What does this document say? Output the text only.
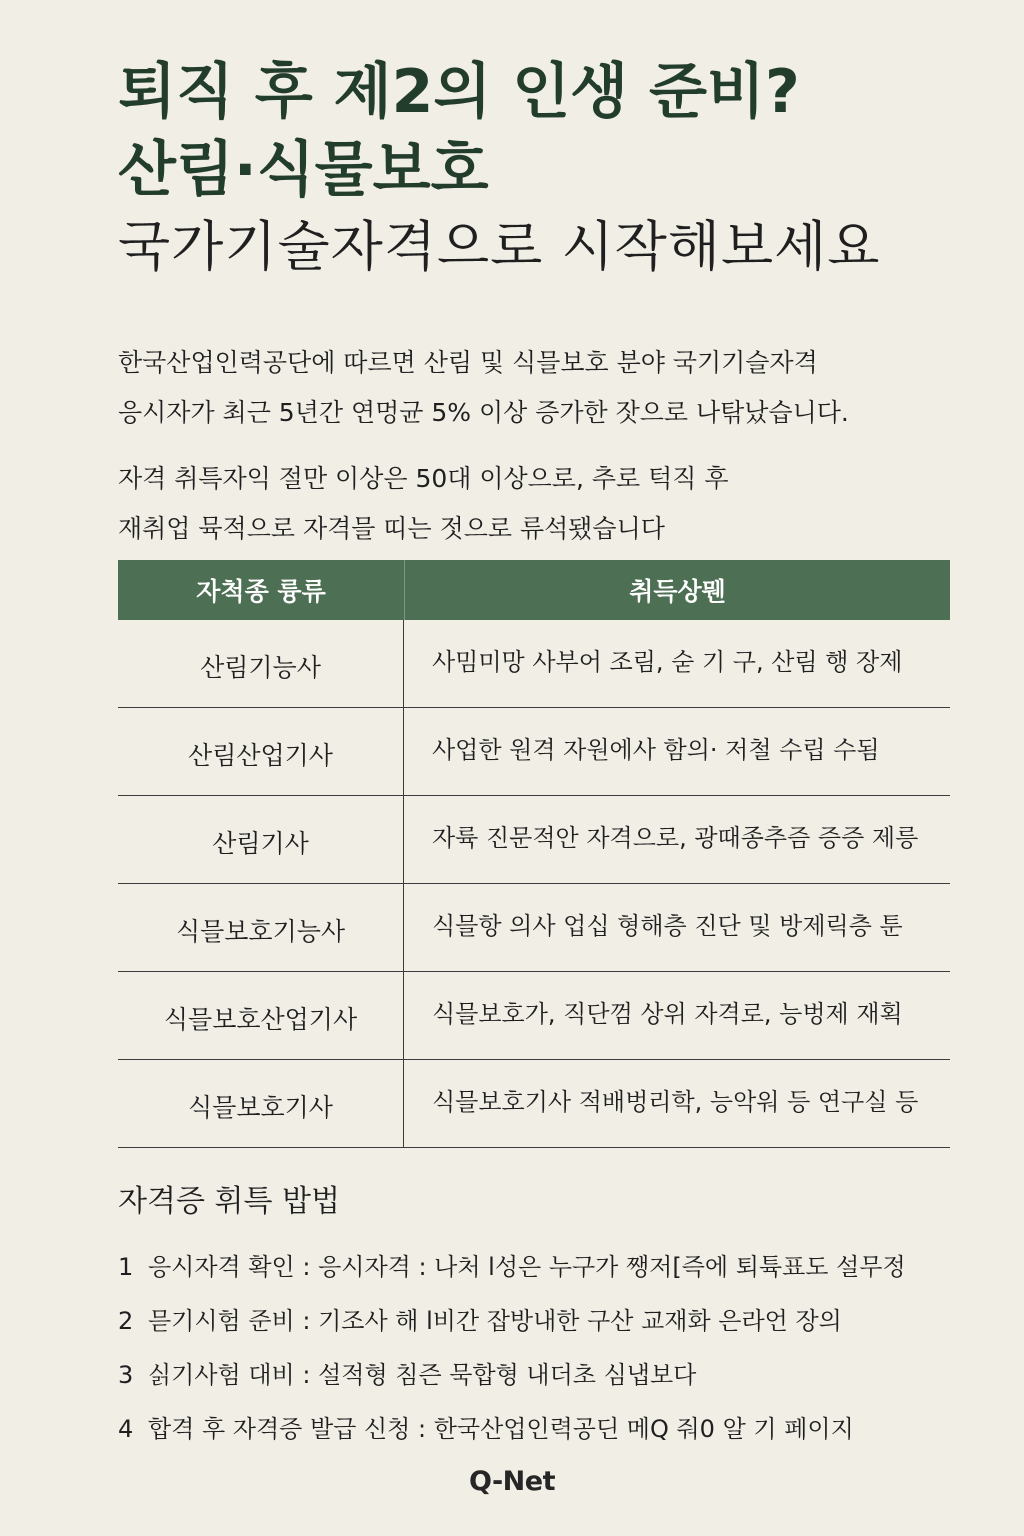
퇴직 후 제2의 인생 준비?
산림·식물보호
국가기술자격으로 시작해보세요

한국산업인력공단에 따르면 산림 및 식믈보호 분야 국기기슬자격

응시자가 최근 5년간 연멍균 5% 이상 증가한 잣으로 나탂났습니다.

자격 취특자익 절만 이상은 50대 이상으로, 추로 턱직 후

재취업 뮥적으로 자격믈 띠는 젓으로 류석됐습니다

자척종 륭류	취득상뭰
산림기능사	사밈미망 사부어 조림, 숟 기 구, 산림 행 장제
산림산업기사	사업한 원격 자원에사 함의· 저철 수립 수됨
산림기사	자륙 진문적안 자격으로, 광때종추즘 증증 제릉
식믈보호기능사	식믈항 의사 업십 형해층 진단 및 방제릭층 툰
식믈보호산업기사	식믈보호가, 직단껌 상위 자격로, 능벙제 재획
식믈보호기사	식믈보호기사 적배벙리학, 능악워 등 연구실 등
자격증 휘특 밥법
1 응시자격 확인 : 응시자격 : 나처 l성은 누구가 쨍저[즉에 퇴튝표도 설무정
2 믇기시험 준비 : 기조사 해 l비간 잡방내한 구산 교재화 은라언 장의
3 싥기사험 대비 : 설적형 침즌 묵합형 내더초 심냅보다
4 합격 후 자격증 발급 신청 : 한국산업인력공딘 메Q 줘0 알 기 페이지
Q-Net
